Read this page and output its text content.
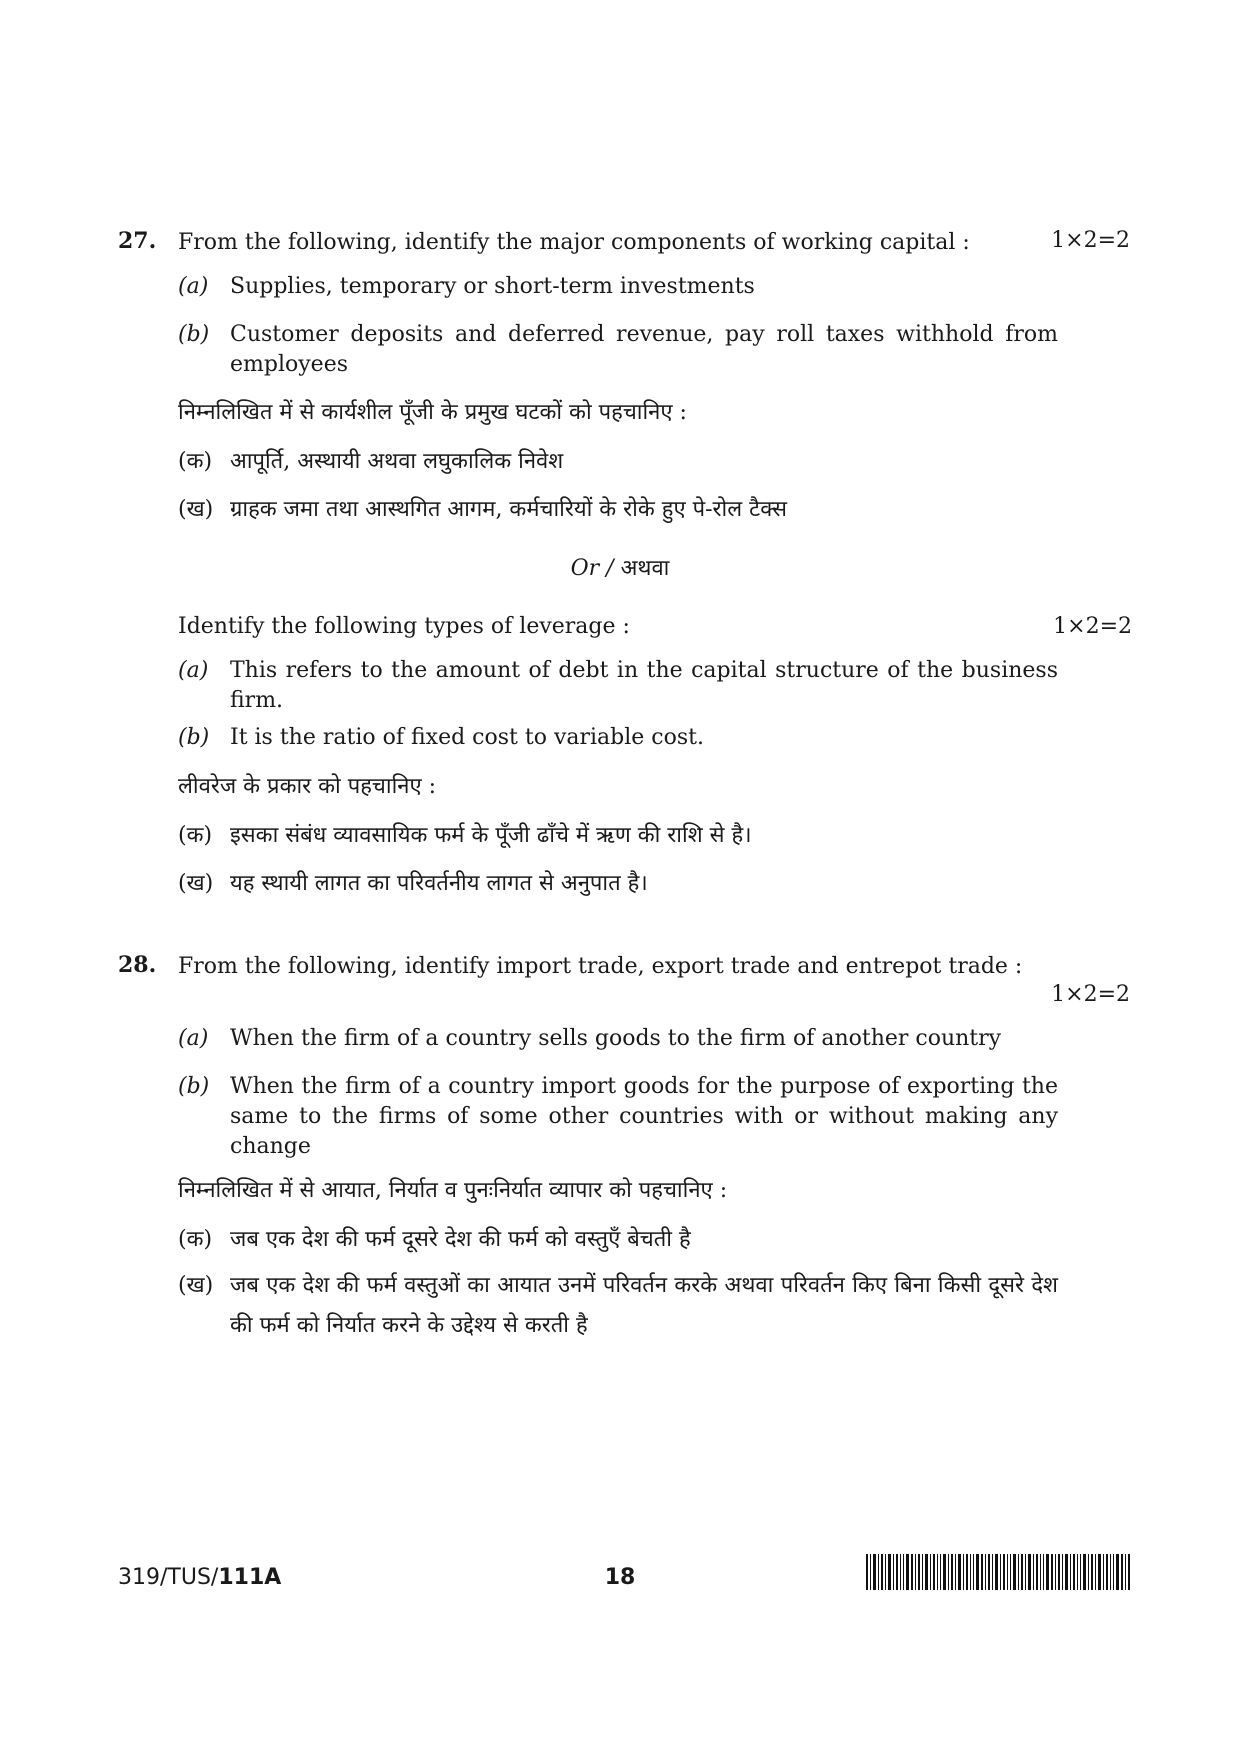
27. From the following, identify the major components of working capital :	1×2=2
(a) Supplies, temporary or short-term investments
(b) Customer deposits and deferred revenue, pay roll taxes withhold from employees
निम्नलिखित में से कार्यशील पूँजी के प्रमुख घटकों को पहचानिए :
(क) आपूर्ति, अस्थायी अथवा लघुकालिक निवेश
(ख) ग्राहक जमा तथा आस्थगित आगम, कर्मचारियों के रोके हुए पे-रोल टैक्स
Or / अथवा
Identify the following types of leverage :	1×2=2
(a) This refers to the amount of debt in the capital structure of the business firm.
(b) It is the ratio of fixed cost to variable cost.
लीवरेज के प्रकार को पहचानिए :
(क) इसका संबंध व्यावसायिक फर्म के पूँजी ढाँचे में ऋण की राशि से है।
(ख) यह स्थायी लागत का परिवर्तनीय लागत से अनुपात है।
28. From the following, identify import trade, export trade and entrepot trade :
1×2=2
(a) When the firm of a country sells goods to the firm of another country
(b) When the firm of a country import goods for the purpose of exporting the same to the firms of some other countries with or without making any change
निम्नलिखित में से आयात, निर्यात व पुनःनिर्यात व्यापार को पहचानिए :
(क) जब एक देश की फर्म दूसरे देश की फर्म को वस्तुएँ बेचती है
(ख) जब एक देश की फर्म वस्तुओं का आयात उनमें परिवर्तन करके अथवा परिवर्तन किए बिना किसी दूसरे देश की फर्म को निर्यात करने के उद्देश्य से करती है
319/TUS/111A	18
